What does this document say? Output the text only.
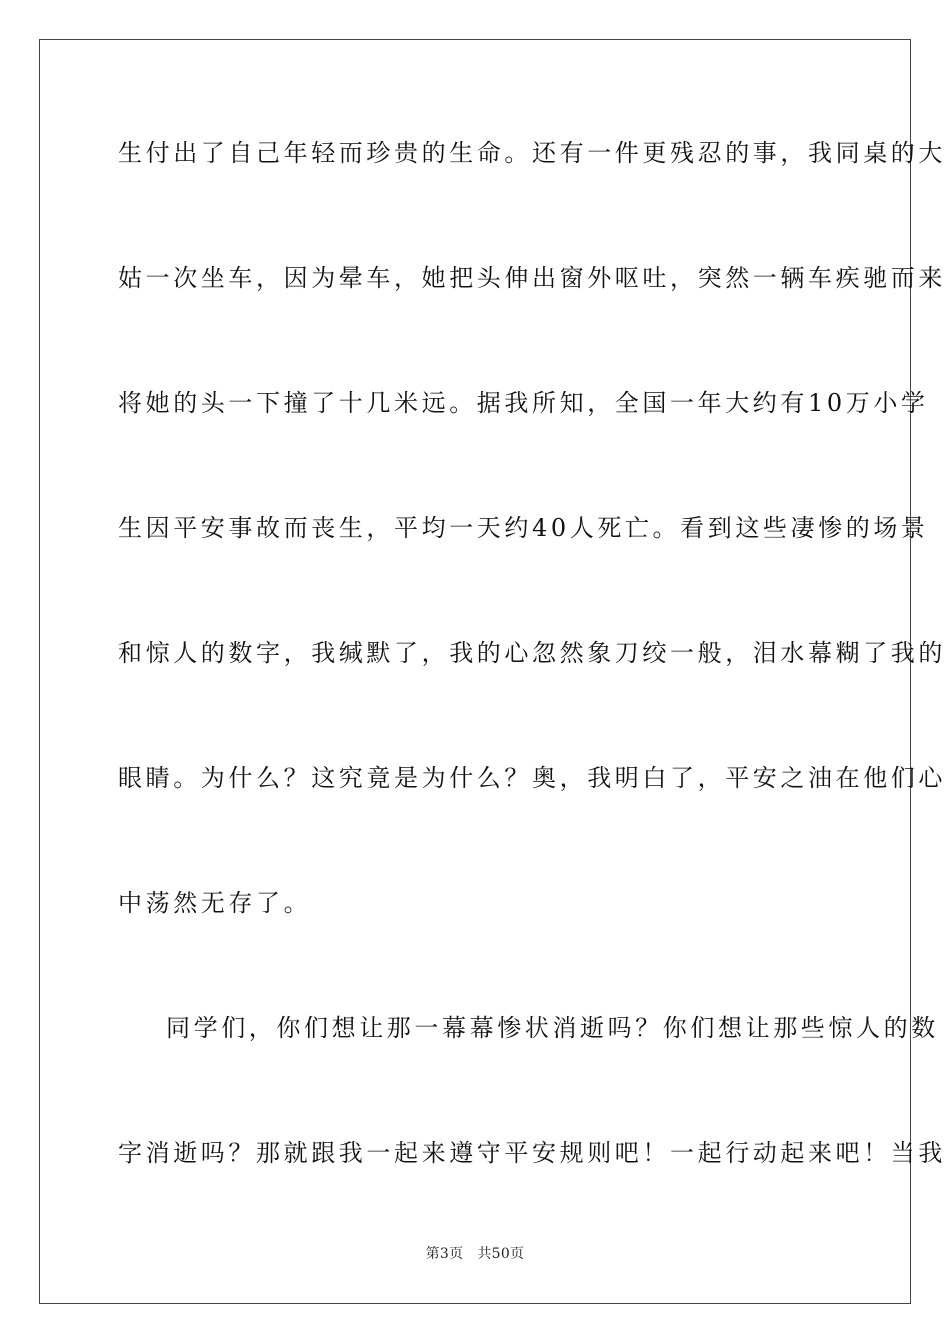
生付出了自己年轻而珍贵的生命。还有一件更残忍的事，我同桌的大
姑一次坐车，因为晕车，她把头伸出窗外呕吐，突然一辆车疾驰而来
将她的头一下撞了十几米远。据我所知，全国一年大约有10万小学
生因平安事故而丧生，平均一天约40人死亡。看到这些凄惨的场景
和惊人的数字，我缄默了，我的心忽然象刀绞一般，泪水幕糊了我的
眼睛。为什么？这究竟是为什么？奥，我明白了，平安之油在他们心
中荡然无存了。
同学们，你们想让那一幕幕惨状消逝吗？你们想让那些惊人的数
字消逝吗？那就跟我一起来遵守平安规则吧！一起行动起来吧！当我
第3页 共50页
